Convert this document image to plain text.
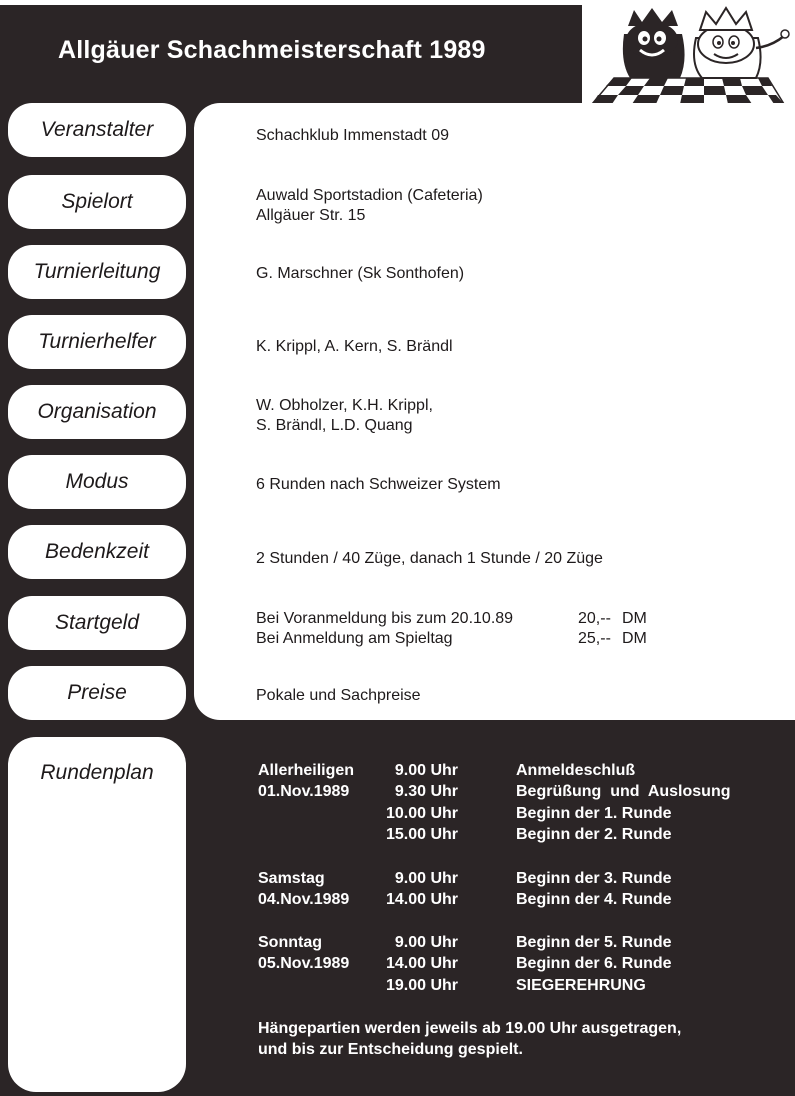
Allgäuer Schachmeisterschaft 1989
Veranstalter
Spielort
Turnierleitung
Turnierhelfer
Organisation
Modus
Bedenkzeit
Startgeld
Preise
Rundenplan
Schachklub Immenstadt 09
Auwald Sportstadion (Cafeteria)
Allgäuer Str. 15
G. Marschner (Sk Sonthofen)
K. Krippl, A. Kern, S. Brändl
W. Obholzer, K.H. Krippl,
S. Brändl, L.D. Quang
6 Runden nach Schweizer System
2 Stunden / 40 Züge, danach 1 Stunde / 20 Züge
Bei Voranmeldung bis zum 20.10.89	20,-- DM
Bei Anmeldung am Spieltag	25,-- DM
Pokale und Sachpreise
Allerheiligen
01.Nov.1989
9.00 Uhr
9.30 Uhr
10.00 Uhr
15.00 Uhr
Anmeldeschluß
Begrüßung  und  Auslosung
Beginn der 1. Runde
Beginn der 2. Runde
Samstag
04.Nov.1989
9.00 Uhr
14.00 Uhr
Beginn der 3. Runde
Beginn der 4. Runde
Sonntag
05.Nov.1989
9.00 Uhr
14.00 Uhr
19.00 Uhr
Beginn der 5. Runde
Beginn der 6. Runde
SIEGEREHRUNG
Hängepartien werden jeweils ab 19.00 Uhr ausgetragen,
und bis zur Entscheidung gespielt.
